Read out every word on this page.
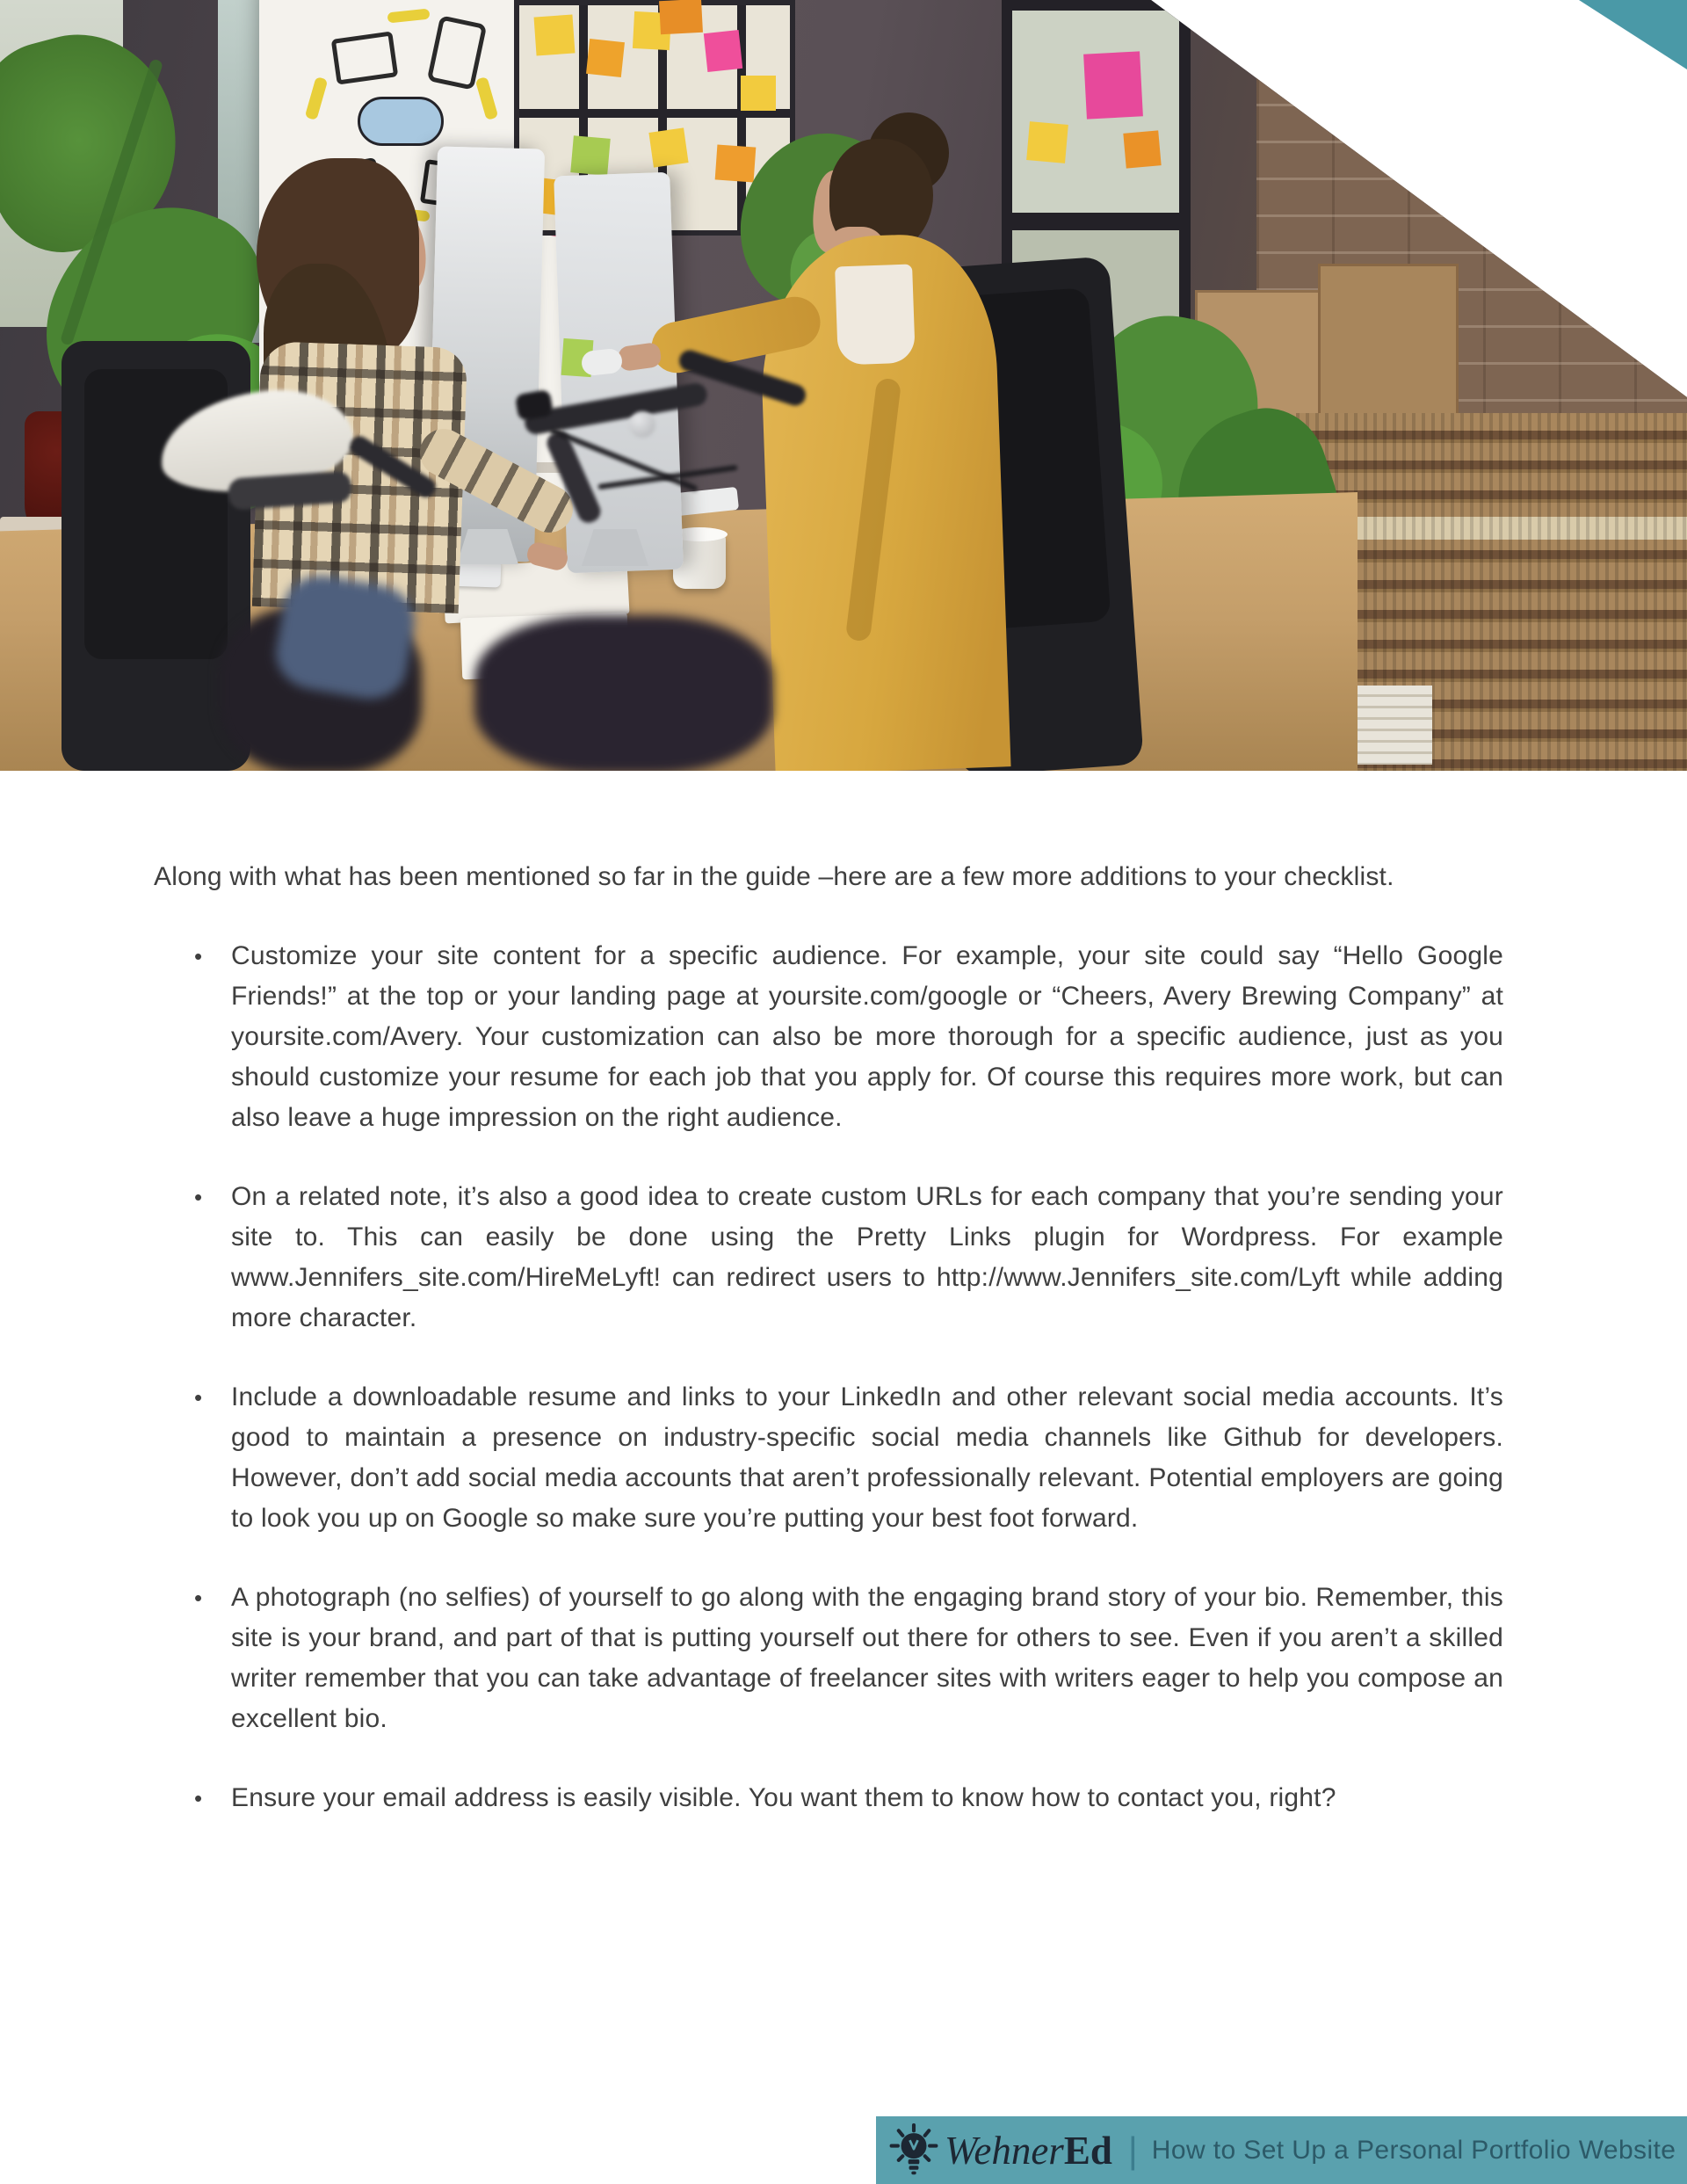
Along with what has been mentioned so far in the guide –here are a few more additions to your checklist.

•	Customize your site content for a specific audience. For example, your site could say “Hello Google Friends!” at the top or your landing page at yoursite.com/google or “Cheers, Avery Brewing Company” at yoursite.com/Avery. Your customization can also be more thorough for a specific audience, just as you should customize your resume for each job that you apply for. Of course this requires more work, but can also leave a huge impression on the right audience.
•	On a related note, it’s also a good idea to create custom URLs for each company that you’re sending your site to. This can easily be done using the Pretty Links plugin for Wordpress. For example www.Jennifers_site.com/HireMeLyft! can redirect users to http://www.Jennifers_site.com/Lyft while adding more character.
•	Include a downloadable resume and links to your LinkedIn and other relevant social media accounts. It’s good to maintain a presence on industry-specific social media channels like Github for developers. However, don’t add social media accounts that aren’t professionally relevant. Potential employers are going to look you up on Google so make sure you’re putting your best foot forward.
•	A photograph (no selfies) of yourself to go along with the engaging brand story of your bio. Remember, this site is your brand, and part of that is putting yourself out there for others to see. Even if you aren’t a skilled writer remember that you can take advantage of freelancer sites with writers eager to help you compose an excellent bio.
•	Ensure your email address is easily visible. You want them to know how to contact you, right?
WehnerEd | How to Set Up a Personal Portfolio Website
